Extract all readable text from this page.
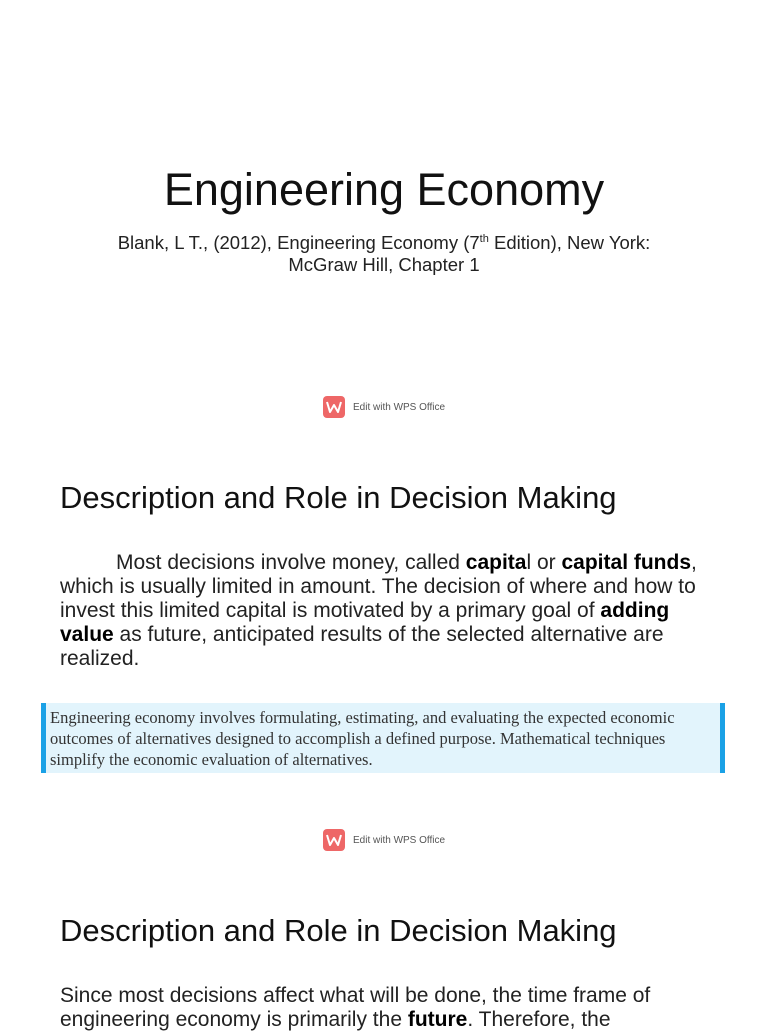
Engineering Economy
Blank, L T., (2012), Engineering Economy (7th Edition), New York:
McGraw Hill, Chapter 1
Edit with WPS Office
Description and Role in Decision Making
Most decisions involve money, called capital or capital funds, which is usually limited in amount. The decision of where and how to invest this limited capital is motivated by a primary goal of adding value as future, anticipated results of the selected alternative are realized.
Engineering economy involves formulating, estimating, and evaluating the expected economic outcomes of alternatives designed to accomplish a defined purpose. Mathematical techniques simplify the economic evaluation of alternatives.
Edit with WPS Office
Description and Role in Decision Making
Since most decisions affect what will be done, the time frame of engineering economy is primarily the future. Therefore, the
